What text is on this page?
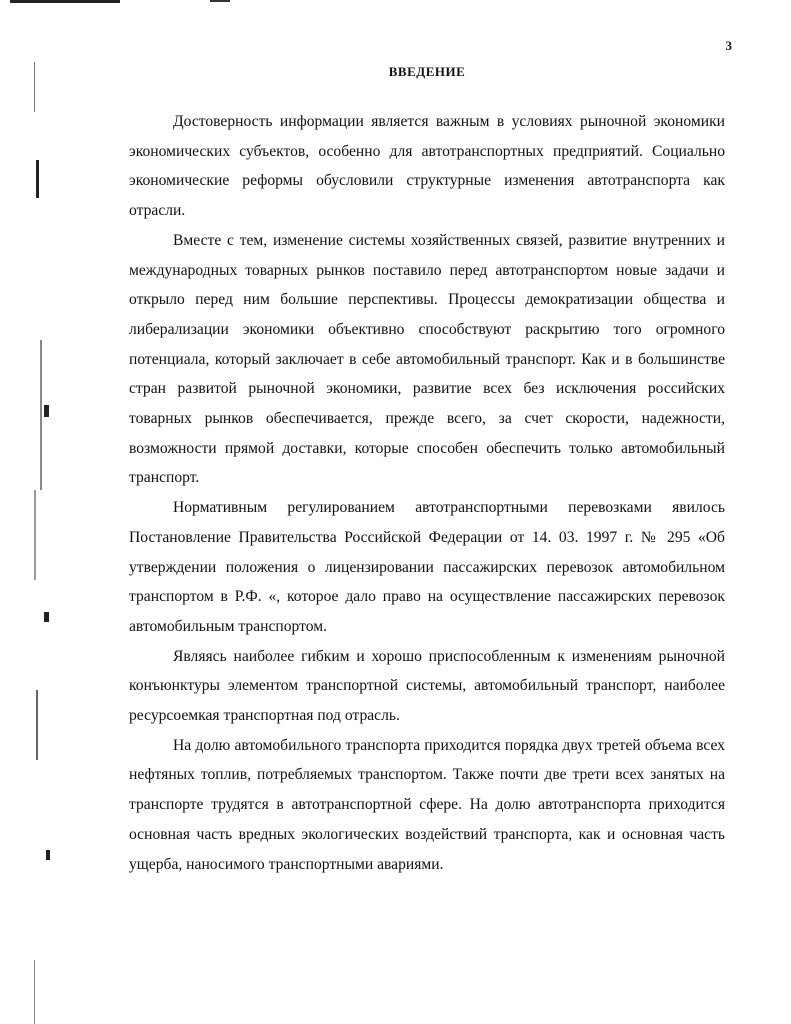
3
ВВЕДЕНИЕ

Достоверность информации является важным в условиях рыночной экономики экономических субъектов, особенно для автотранспортных предприятий. Социально экономические реформы обусловили структурные изменения автотранспорта как отрасли.

Вместе с тем, изменение системы хозяйственных связей, развитие внутренних и международных товарных рынков поставило перед автотранспортом новые задачи и открыло перед ним большие перспективы. Процессы демократизации общества и либерализации экономики объективно способствуют раскрытию того огромного потенциала, который заключает в себе автомобильный транспорт. Как и в большинстве стран развитой рыночной экономики, развитие всех без исключения российских товарных рынков обеспечивается, прежде всего, за счет скорости, надежности, возможности прямой доставки, которые способен обеспечить только автомобильный транспорт.

Нормативным регулированием автотранспортными перевозками явилось Постановление Правительства Российской Федерации от 14. 03. 1997 г. № 295 «Об утверждении положения о лицензировании пассажирских перевозок автомобильном транспортом в Р.Ф. «, которое дало право на осуществление пассажирских перевозок автомобильным транспортом.

Являясь наиболее гибким и хорошо приспособленным к изменениям рыночной конъюнктуры элементом транспортной системы, автомобильный транспорт, наиболее ресурсоемкая транспортная под отрасль.

На долю автомобильного транспорта приходится порядка двух третей объема всех нефтяных топлив, потребляемых транспортом. Также почти две трети всех занятых на транспорте трудятся в автотранспортной сфере. На долю автотранспорта приходится основная часть вредных экологических воздействий транспорта, как и основная часть ущерба, наносимого транспортными авариями.
